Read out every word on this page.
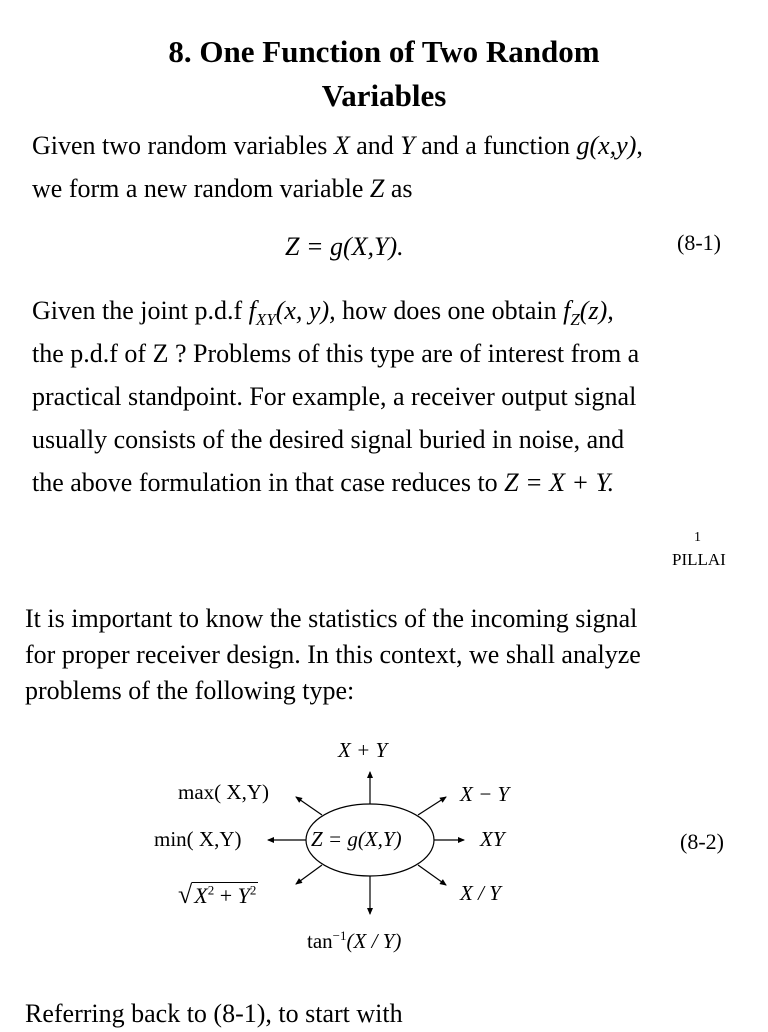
8. One Function of Two Random
Variables
Given two random variables X and Y and a function g(x,y),
we form a new random variable Z as
Z = g(X,Y).	(8-1)
Given the joint p.d.f $f_{XY}(x$, y), how does one obtain $f_Z(z)$,
the p.d.f of Z ? Problems of this type are of interest from a
practical standpoint. For example, a receiver output signal
usually consists of the desired signal buried in noise, and
the above formulation in that case reduces to Z = X + Y.
1
PILLAI
It is important to know the statistics of the incoming signal
for proper receiver design. In this context, we shall analyze
problems of the following type:
Z = g(X,Y)
X + Y
X − Y
XY
X / Y
max( X,Y)
min( X,Y)
$√X^2 + Y^2$
$\tan^{-1}(X / Y)$
(8-2)
Referring back to (8-1), to start with
